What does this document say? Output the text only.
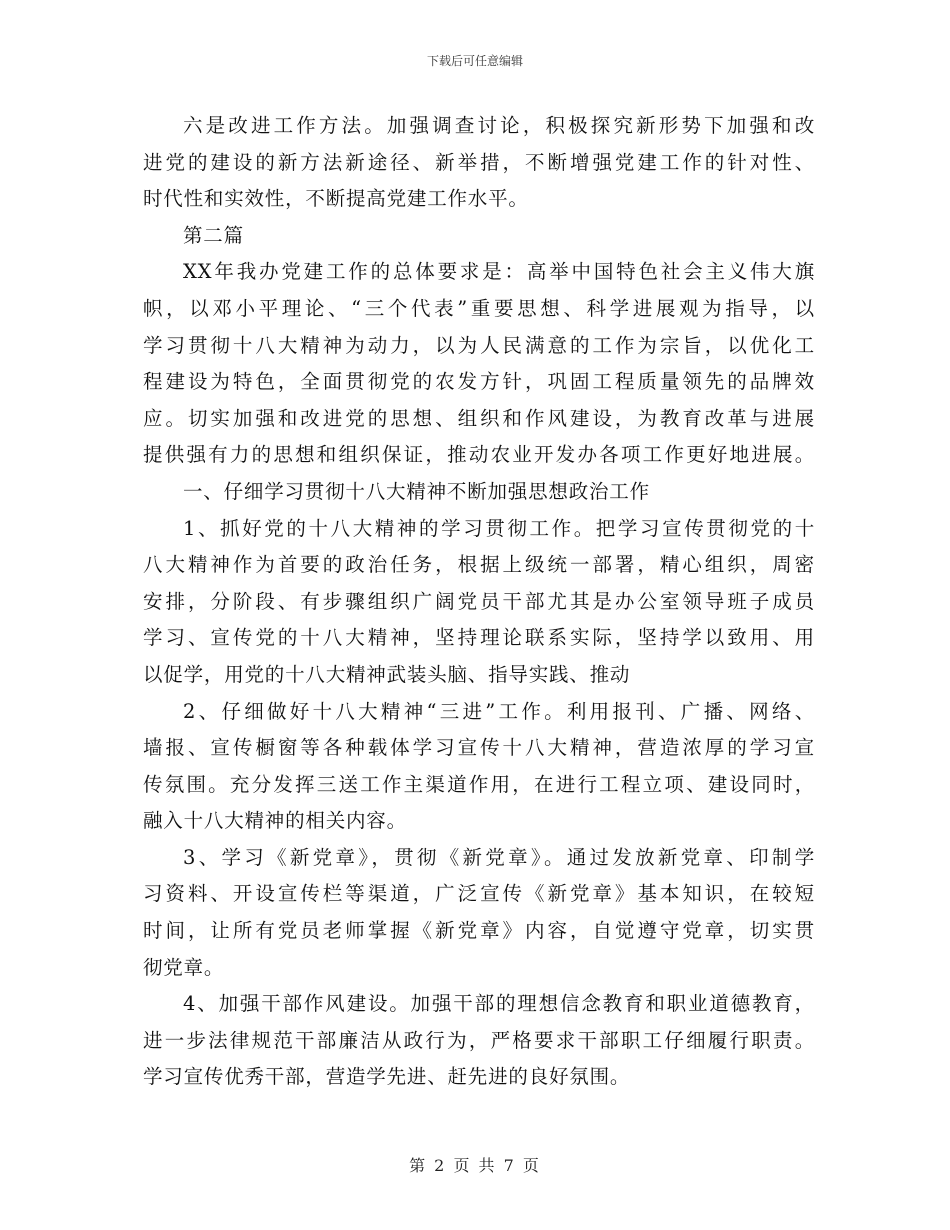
下载后可任意编辑
六是改进工作方法。加强调查讨论，积极探究新形势下加强和改
进党的建设的新方法新途径、新举措，不断增强党建工作的针对性、
时代性和实效性，不断提高党建工作水平。
第二篇
XX年我办党建工作的总体要求是：高举中国特色社会主义伟大旗
帜，以邓小平理论、“三个代表”重要思想、科学进展观为指导，以
学习贯彻十八大精神为动力，以为人民满意的工作为宗旨，以优化工
程建设为特色，全面贯彻党的农发方针，巩固工程质量领先的品牌效
应。切实加强和改进党的思想、组织和作风建设，为教育改革与进展
提供强有力的思想和组织保证，推动农业开发办各项工作更好地进展。
一、仔细学习贯彻十八大精神不断加强思想政治工作
1、抓好党的十八大精神的学习贯彻工作。把学习宣传贯彻党的十
八大精神作为首要的政治任务，根据上级统一部署，精心组织，周密
安排，分阶段、有步骤组织广阔党员干部尤其是办公室领导班子成员
学习、宣传党的十八大精神，坚持理论联系实际，坚持学以致用、用
以促学，用党的十八大精神武装头脑、指导实践、推动
2、仔细做好十八大精神“三进”工作。利用报刊、广播、网络、
墙报、宣传橱窗等各种载体学习宣传十八大精神，营造浓厚的学习宣
传氛围。充分发挥三送工作主渠道作用，在进行工程立项、建设同时，
融入十八大精神的相关内容。
3、学习《新党章》，贯彻《新党章》。通过发放新党章、印制学
习资料、开设宣传栏等渠道，广泛宣传《新党章》基本知识，在较短
时间，让所有党员老师掌握《新党章》内容，自觉遵守党章，切实贯
彻党章。
4、加强干部作风建设。加强干部的理想信念教育和职业道德教育，
进一步法律规范干部廉洁从政行为，严格要求干部职工仔细履行职责。
学习宣传优秀干部，营造学先进、赶先进的良好氛围。
第 2 页 共 7 页
